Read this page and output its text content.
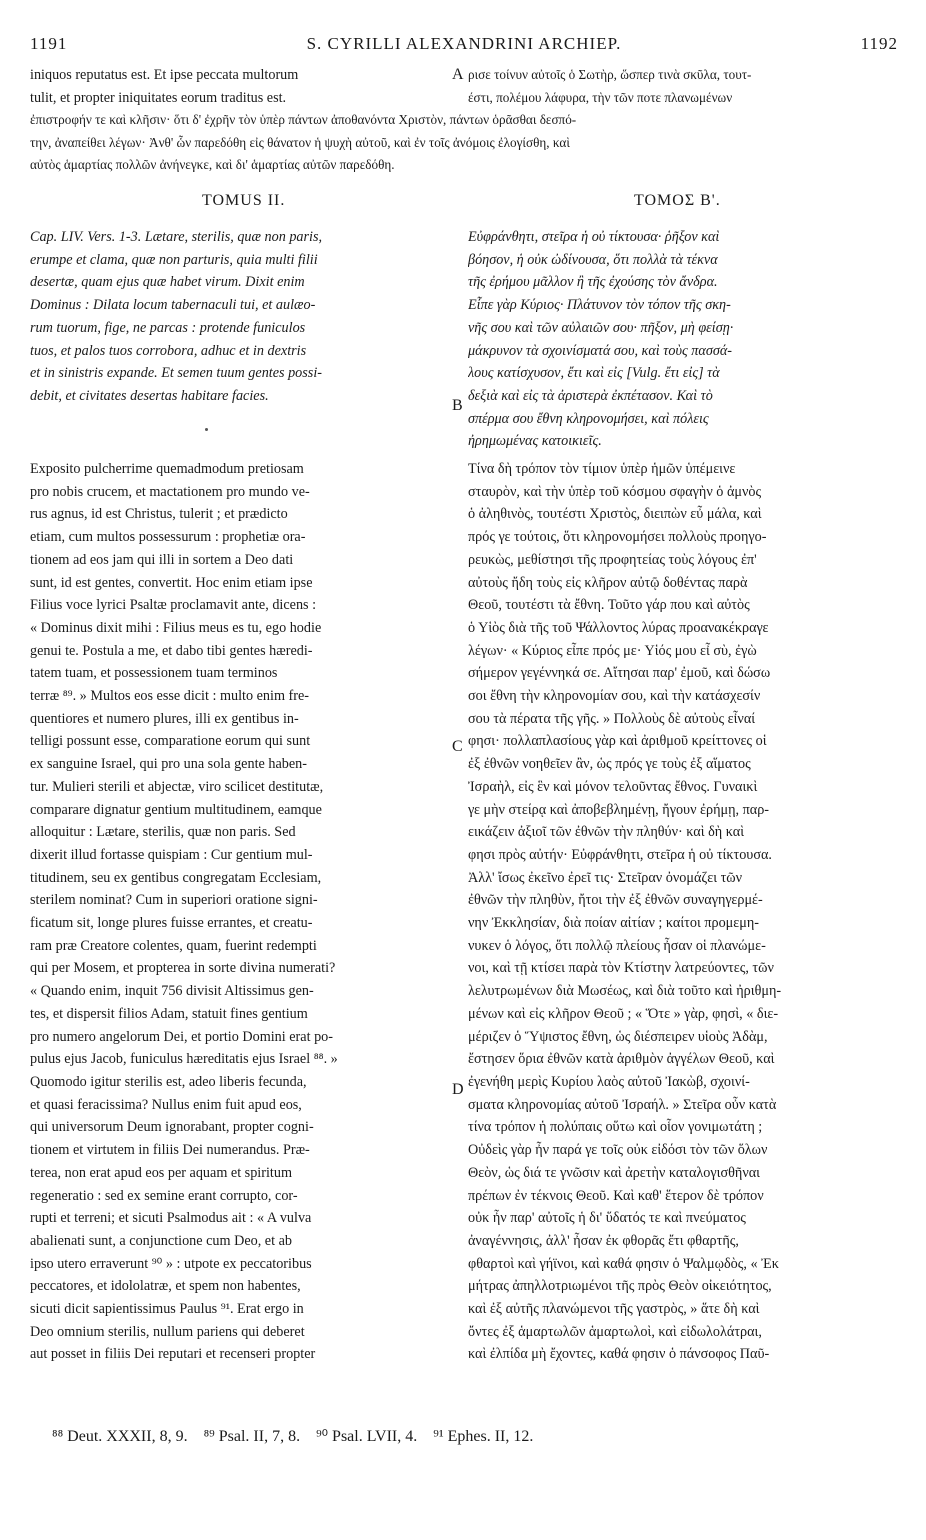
1191	S. CYRILLI ALEXANDRINI ARCHIEP.	1192

iniquos reputatus est. Et ipse peccata multorum
tulit, et propter iniquitates eorum traditus est.

ρισε τοίνυν αὐτοῖς ὁ Σωτὴρ, ὥσπερ τινὰ σκῦλα, τουτ-
έστι, πολέμου λάφυρα, τὴν τῶν ποτε πλανωμένων

A

ἐπιστροφήν τε καὶ κλῆσιν· ὅτι δ' ἐχρῆν τὸν ὑπὲρ πάντων ἀποθανόντα Χριστὸν, πάντων ὁρᾶσθαι δεσπό-
την, ἀναπείθει λέγων· Ἀνθ' ὧν παρεδόθη εἰς θάνατον ἡ ψυχὴ αὐτοῦ, καὶ ἐν τοῖς ἀνόμοις ἐλογίσθη, καὶ
αὐτὸς ἁμαρτίας πολλῶν ἀνήνεγκε, καὶ δι' ἁμαρτίας αὐτῶν παρεδόθη.

TOMUS II.	ΤΟΜΟΣ Β'.

Cap. LIV. Vers. 1-3. Lætare, sterilis, quæ non paris,
erumpe et clama, quæ non parturis, quia multi filii
desertæ, quam ejus quæ habet virum. Dixit enim
Dominus : Dilata locum tabernaculi tui, et aulæo-
rum tuorum, fige, ne parcas : protende funiculos
tuos, et palos tuos corrobora, adhuc et in dextris
et in sinistris expande. Et semen tuum gentes possi-
debit, et civitates desertas habitare facies.

Εὐφράνθητι, στεῖρα ἡ οὐ τίκτουσα· ῥῆξον καὶ
βόησον, ἡ οὐκ ὠδίνουσα, ὅτι πολλὰ τὰ τέκνα
τῆς ἐρήμου μᾶλλον ἢ τῆς ἐχούσης τὸν ἄνδρα.
Εἶπε γὰρ Κύριος· Πλάτυνον τὸν τόπον τῆς σκη-
νῆς σου καὶ τῶν αὐλαιῶν σου· πῆξον, μὴ φείσῃ·
μάκρυνον τὰ σχοινίσματά σου, καὶ τοὺς πασσά-
λους κατίσχυσον, ἔτι καὶ εἰς [Vulg. ἔτι εἰς] τὰ
δεξιὰ καὶ εἰς τὰ ἀριστερὰ ἐκπέτασον. Καὶ τὸ
σπέρμα σου ἔθνη κληρονομήσει, καὶ πόλεις
ἠρημωμένας κατοικιεῖς.

B

Exposito pulcherrime quemadmodum pretiosam
pro nobis crucem, et mactationem pro mundo ve-
rus agnus, id est Christus, tulerit ; et prædicto
etiam, cum multos possessurum : prophetiæ ora-
tionem ad eos jam qui illi in sortem a Deo dati
sunt, id est gentes, convertit. Hoc enim etiam ipse
Filius voce lyrici Psaltæ proclamavit ante, dicens :
« Dominus dixit mihi : Filius meus es tu, ego hodie
genui te. Postula a me, et dabo tibi gentes hæredi-
tatem tuam, et possessionem tuam terminos
terræ ⁸⁹. » Multos eos esse dicit : multo enim fre-
quentiores et numero plures, illi ex gentibus in-
telligi possunt esse, comparatione eorum qui sunt
ex sanguine Israel, qui pro una sola gente haben-
tur. Mulieri sterili et abjectæ, viro scilicet destitutæ,
comparare dignatur gentium multitudinem, eamque
alloquitur : Lætare, sterilis, quæ non paris. Sed
dixerit illud fortasse quispiam : Cur gentium mul-
titudinem, seu ex gentibus congregatam Ecclesiam,
sterilem nominat? Cum in superiori oratione signi-
ficatum sit, longe plures fuisse errantes, et creatu-
ram præ Creatore colentes, quam, fuerint redempti
qui per Mosem, et propterea in sorte divina numerati?
« Quando enim, inquit 756 divisit Altissimus gen-
tes, et dispersit filios Adam, statuit fines gentium
pro numero angelorum Dei, et portio Domini erat po-
pulus ejus Jacob, funiculus hæreditatis ejus Israel ⁸⁸. »
Quomodo igitur sterilis est, adeo liberis fecunda,
et quasi feracissima? Nullus enim fuit apud eos,
qui universorum Deum ignorabant, propter cogni-
tionem et virtutem in filiis Dei numerandus. Præ-
terea, non erat apud eos per aquam et spiritum
regeneratio : sed ex semine erant corrupto, cor-
rupti et terreni; et sicuti Psalmodus ait : « A vulva
abalienati sunt, a conjunctione cum Deo, et ab
ipso utero erraverunt ⁹⁰ » : utpote ex peccatoribus
peccatores, et idololatræ, et spem non habentes,
sicuti dicit sapientissimus Paulus ⁹¹. Erat ergo in
Deo omnium sterilis, nullum pariens qui deberet
aut posset in filiis Dei reputari et recenseri propter

Τίνα δὴ τρόπον τὸν τίμιον ὑπὲρ ἡμῶν ὑπέμεινε
σταυρὸν, καὶ τὴν ὑπὲρ τοῦ κόσμου σφαγὴν ὁ ἀμνὸς
ὁ ἀληθινὸς, τουτέστι Χριστὸς, διειπὼν εὖ μάλα, καὶ
πρός γε τούτοις, ὅτι κληρονομήσει πολλοὺς προηγο-
ρευκὼς, μεθίστησι τῆς προφητείας τοὺς λόγους ἐπ'
αὐτοὺς ἤδη τοὺς εἰς κλῆρον αὐτῷ δοθέντας παρὰ
Θεοῦ, τουτέστι τὰ ἔθνη. Τοῦτο γάρ που καὶ αὐτὸς
ὁ Υἱὸς διὰ τῆς τοῦ Ψάλλοντος λύρας προανακέκραγε
λέγων· « Κύριος εἶπε πρός με· Υἱός μου εἶ σὺ, ἐγὼ
σήμερον γεγέννηκά σε. Αἴτησαι παρ' ἐμοῦ, καὶ δώσω
σοι ἔθνη τὴν κληρονομίαν σου, καὶ τὴν κατάσχεσίν
σου τὰ πέρατα τῆς γῆς. » Πολλοὺς δὲ αὐτοὺς εἶναί
φησι· πολλαπλασίους γὰρ καὶ ἀριθμοῦ κρείττονες οἱ
ἐξ ἐθνῶν νοηθεῖεν ἂν, ὡς πρός γε τοὺς ἐξ αἵματος
Ἰσραὴλ, εἰς ἓν καὶ μόνον τελοῦντας ἔθνος. Γυναικὶ
γε μὴν στείρᾳ καὶ ἀποβεβλημένῃ, ἤγουν ἐρήμῃ, παρ-
εικάζειν ἀξιοῖ τῶν ἐθνῶν τὴν πληθύν· καὶ δὴ καὶ
φησι πρὸς αὐτήν· Εὐφράνθητι, στεῖρα ἡ οὐ τίκτουσα.
Ἀλλ' ἴσως ἐκεῖνο ἐρεῖ τις· Στεῖραν ὀνομάζει τῶν
ἐθνῶν τὴν πληθὺν, ἤτοι τὴν ἐξ ἐθνῶν συναγηγερμέ-
νην Ἐκκλησίαν, διὰ ποίαν αἰτίαν ; καίτοι προμεμη-
νυκεν ὁ λόγος, ὅτι πολλῷ πλείους ἦσαν οἱ πλανώμε-
νοι, καὶ τῇ κτίσει παρὰ τὸν Κτίστην λατρεύοντες, τῶν
λελυτρωμένων διὰ Μωσέως, καὶ διὰ τοῦτο καὶ ἠριθμη-
μένων καὶ εἰς κλῆρον Θεοῦ ; « Ὅτε » γὰρ, φησὶ, « διε-
μέριζεν ὁ Ὕψιστος ἔθνη, ὡς διέσπειρεν υἱοὺς Ἀδὰμ,
ἔστησεν ὅρια ἐθνῶν κατὰ ἀριθμὸν ἀγγέλων Θεοῦ, καὶ
ἐγενήθη μερὶς Κυρίου λαὸς αὐτοῦ Ἰακὼβ, σχοινί-
σματα κληρονομίας αὐτοῦ Ἰσραήλ. » Στεῖρα οὖν κατὰ
τίνα τρόπον ἡ πολύπαις οὕτω καὶ οἷον γονιμωτάτη ;
Οὐδεὶς γὰρ ἦν παρά γε τοῖς οὐκ εἰδόσι τὸν τῶν ὅλων
Θεὸν, ὡς διά τε γνῶσιν καὶ ἀρετὴν καταλογισθῆναι
πρέπων ἐν τέκνοις Θεοῦ. Καὶ καθ' ἕτερον δὲ τρόπον
οὐκ ἦν παρ' αὐτοῖς ἡ δι' ὕδατός τε καὶ πνεύματος
ἀναγέννησις, ἀλλ' ἦσαν ἐκ φθορᾶς ἔτι φθαρτῆς,
φθαρτοὶ καὶ γήϊνοι, καὶ καθά φησιν ὁ Ψαλμῳδὸς, « Ἐκ
μήτρας ἀπηλλοτριωμένοι τῆς πρὸς Θεὸν οἰκειότητος,
καὶ ἐξ αὐτῆς πλανώμενοι τῆς γαστρὸς, » ἅτε δὴ καὶ
ὄντες ἐξ ἁμαρτωλῶν ἁμαρτωλοὶ, καὶ εἰδωλολάτραι,
καὶ ἐλπίδα μὴ ἔχοντες, καθά φησιν ὁ πάνσοφος Παῦ-

C
D
⁸⁸ Deut. XXXII, 8, 9.    ⁸⁹ Psal. II, 7, 8.    ⁹⁰ Psal. LVII, 4.    ⁹¹ Ephes. II, 12.
